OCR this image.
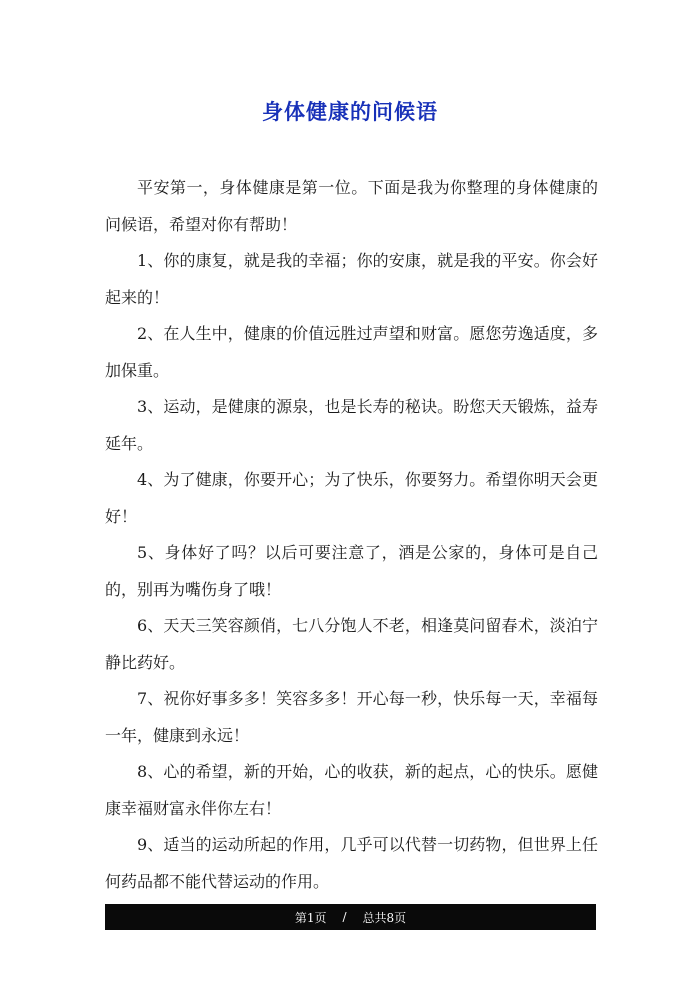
身体健康的问候语

平安第一，身体健康是第一位。下面是我为你整理的身体健康的问候语，希望对你有帮助！

1、你的康复，就是我的幸福；你的安康，就是我的平安。你会好起来的！

2、在人生中，健康的价值远胜过声望和财富。愿您劳逸适度，多加保重。

3、运动，是健康的源泉，也是长寿的秘诀。盼您天天锻炼，益寿延年。

4、为了健康，你要开心；为了快乐，你要努力。希望你明天会更好！

5、身体好了吗？以后可要注意了，酒是公家的，身体可是自己的，别再为嘴伤身了哦！

6、天天三笑容颜俏，七八分饱人不老，相逢莫问留春术，淡泊宁静比药好。

7、祝你好事多多！笑容多多！开心每一秒，快乐每一天，幸福每一年，健康到永远！

8、心的希望，新的开始，心的收获，新的起点，心的快乐。愿健康幸福财富永伴你左右！

9、适当的运动所起的作用，几乎可以代替一切药物，但世界上任何药品都不能代替运动的作用。

第1页 / 总共8页
